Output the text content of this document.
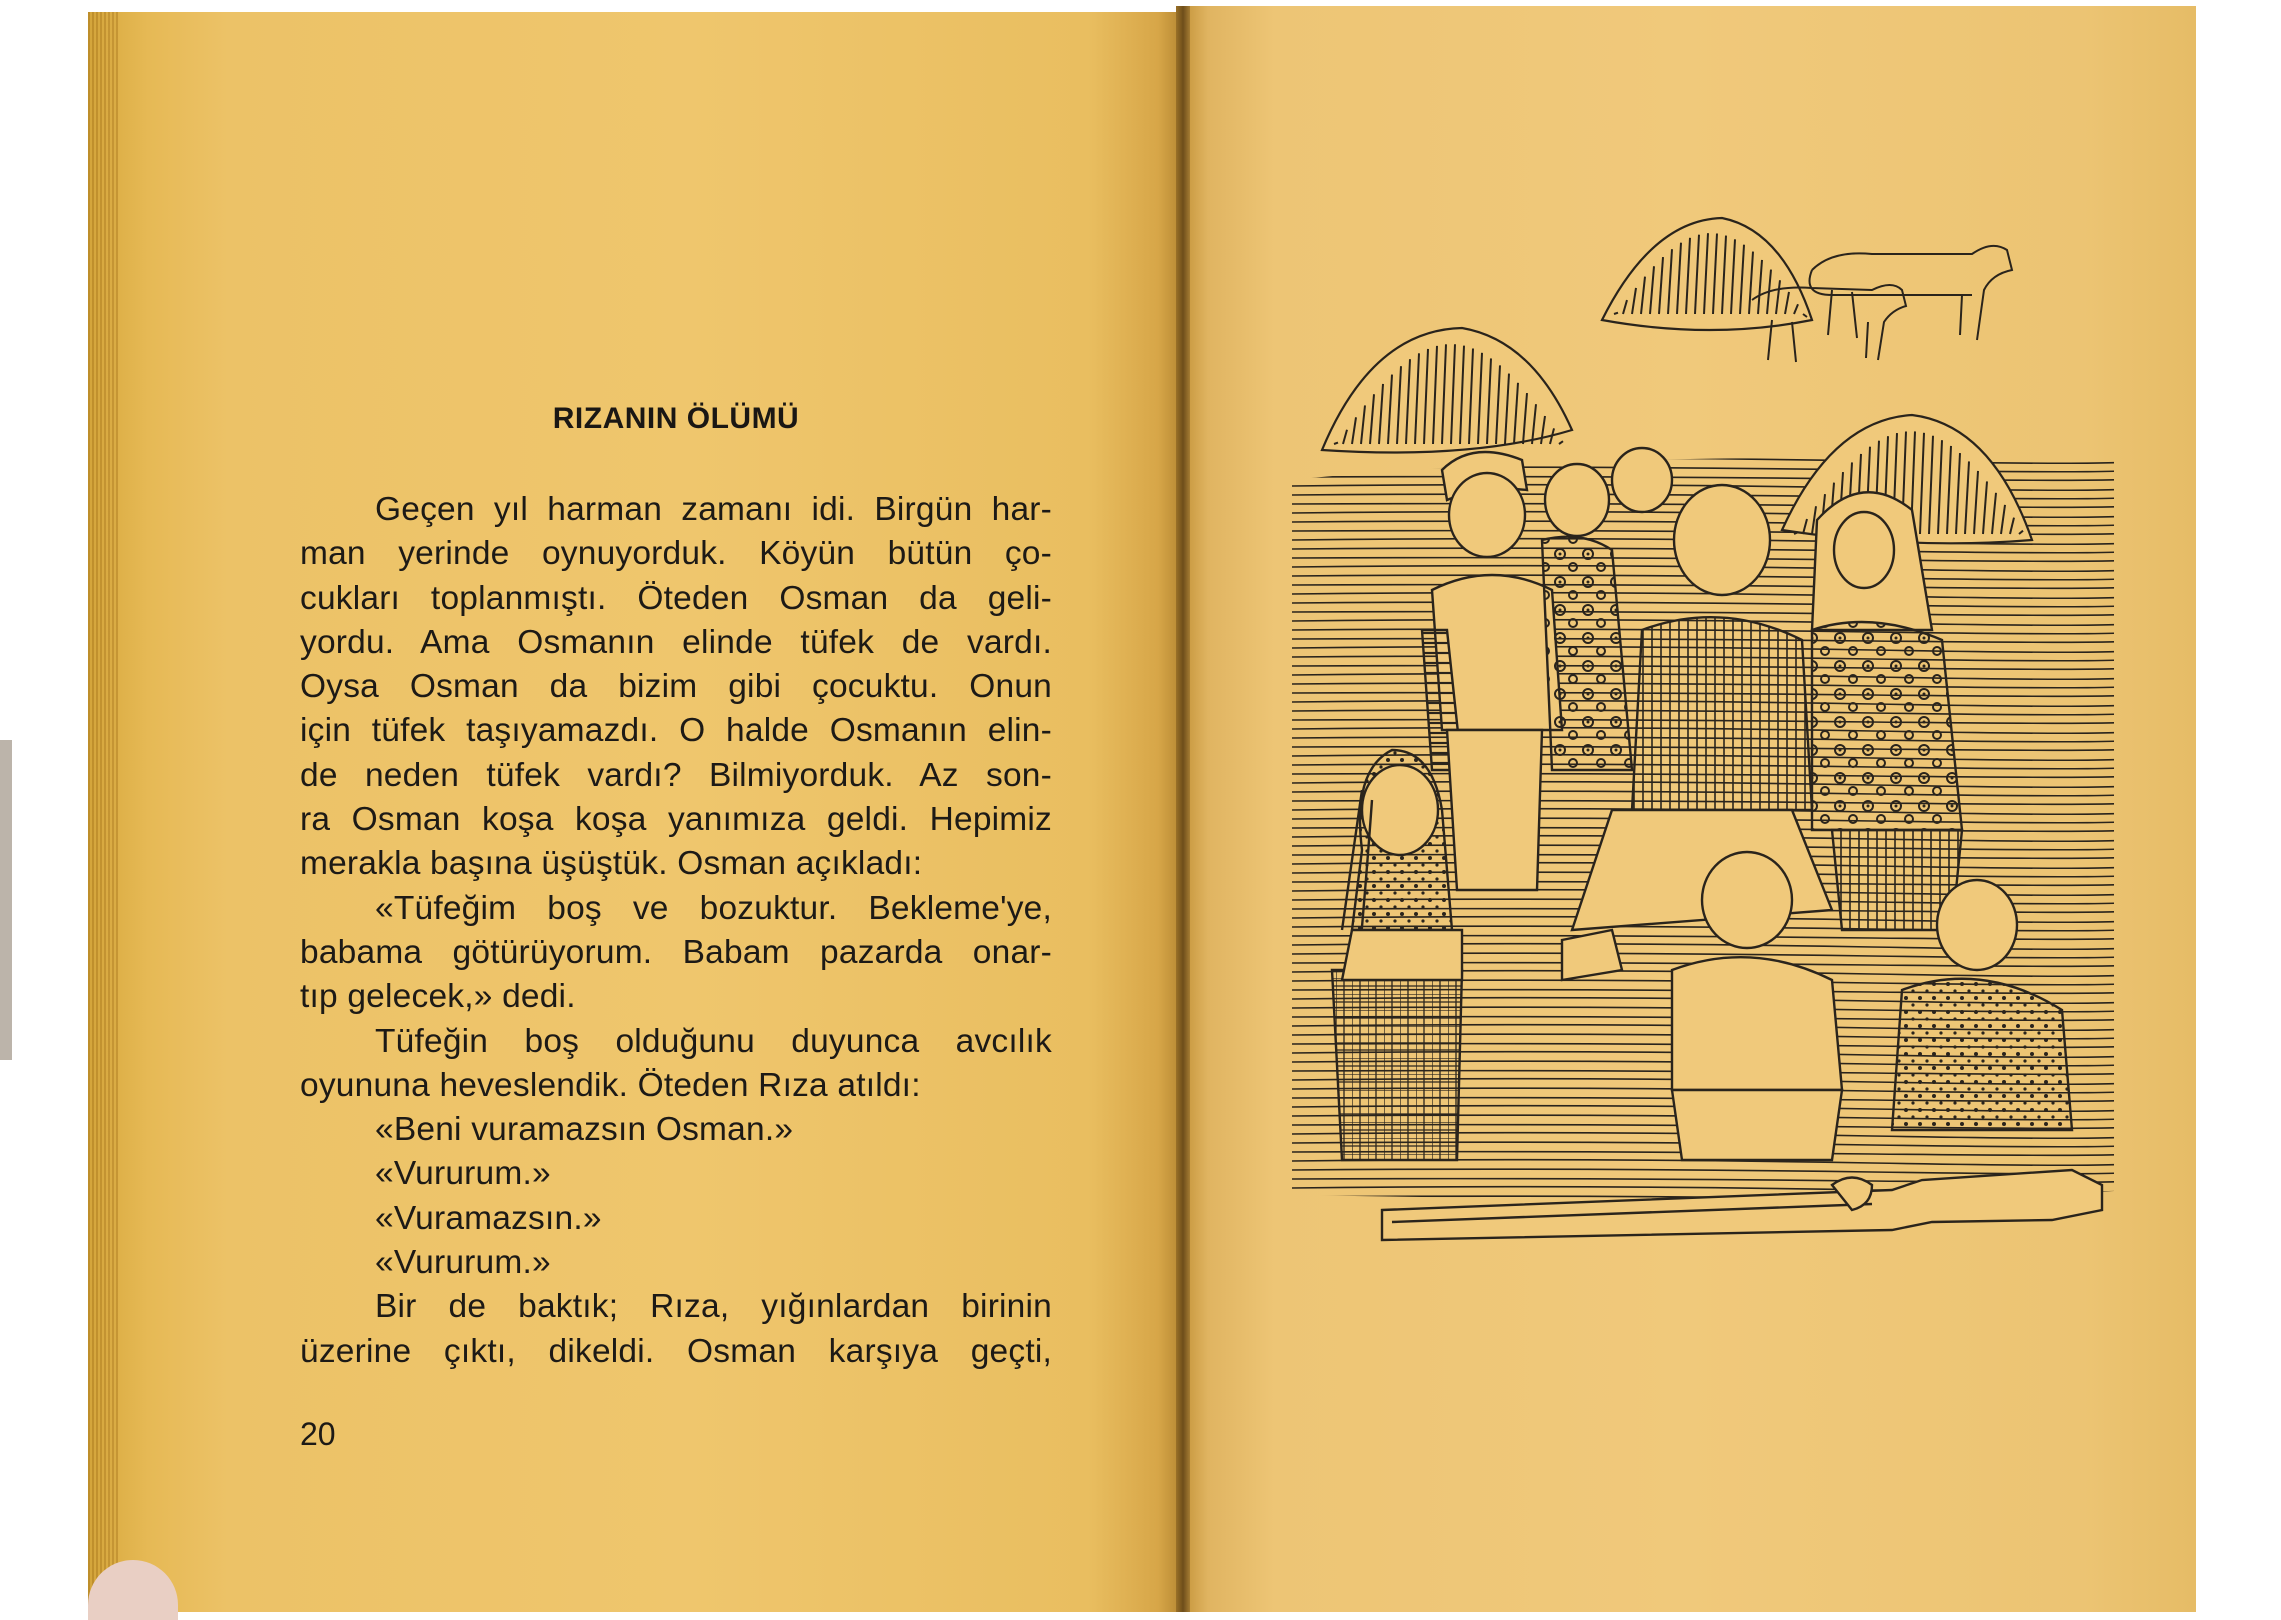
RIZANIN ÖLÜMÜ
Geçen yıl harman zamanı idi. Birgün har-
man yerinde oynuyorduk. Köyün bütün ço-
cukları toplanmıştı. Öteden Osman da geli-
yordu. Ama Osmanın elinde tüfek de vardı.
Oysa Osman da bizim gibi çocuktu. Onun
için tüfek taşıyamazdı. O halde Osmanın elin-
de neden tüfek vardı? Bilmiyorduk. Az son-
ra Osman koşa koşa yanımıza geldi. Hepimiz
merakla başına üşüştük. Osman açıkladı:
«Tüfeğim boş ve bozuktur. Bekleme'ye,
babama götürüyorum. Babam pazarda onar-
tıp gelecek,» dedi.
Tüfeğin boş olduğunu duyunca avcılık
oyununa heveslendik. Öteden Rıza atıldı:
«Beni vuramazsın Osman.»
«Vururum.»
«Vuramazsın.»
«Vururum.»
Bir de baktık; Rıza, yığınlardan birinin
üzerine çıktı, dikeldi. Osman karşıya geçti,
20
